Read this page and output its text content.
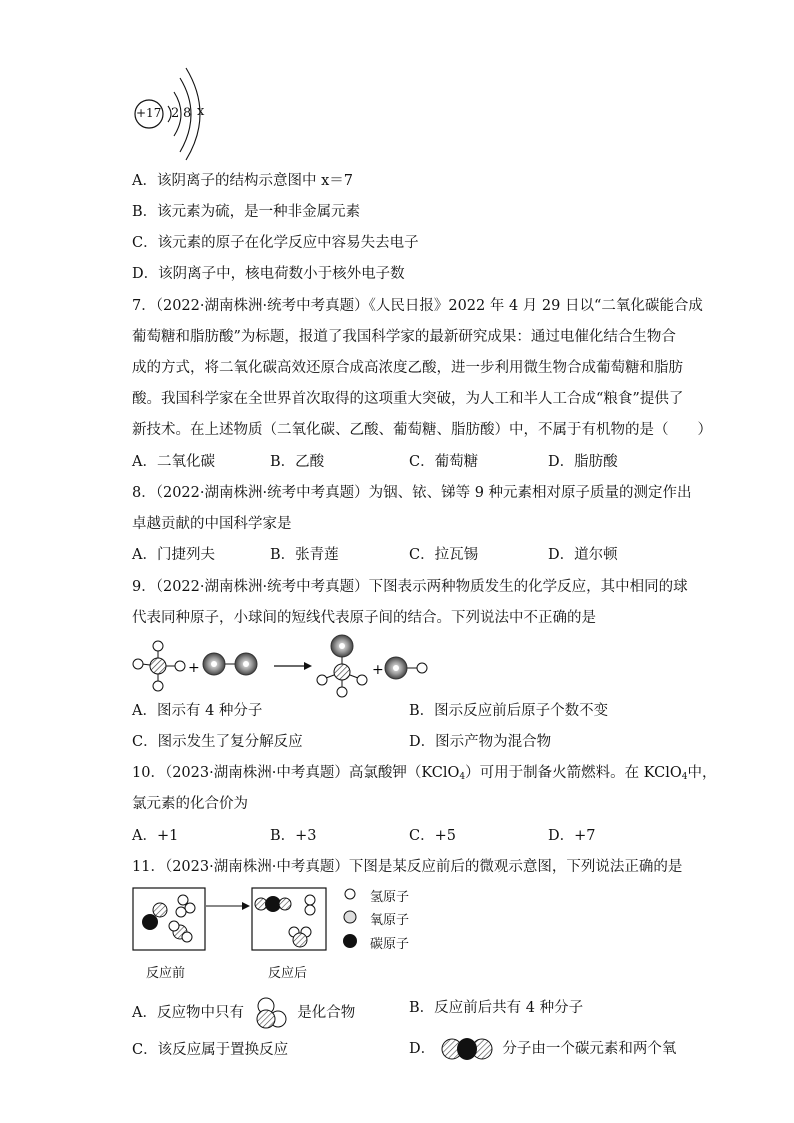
+17 2 8 x
A．该阴离子的结构示意图中 x＝7
B．该元素为硫，是一种非金属元素
C．该元素的原子在化学反应中容易失去电子
D．该阴离子中，核电荷数小于核外电子数
7．（2022·湖南株洲·统考中考真题）《人民日报》2022 年 4 月 29 日以“二氧化碳能合成
葡萄糖和脂肪酸”为标题，报道了我国科学家的最新研究成果：通过电催化结合生物合
成的方式，将二氧化碳高效还原合成高浓度乙酸，进一步利用微生物合成葡萄糖和脂肪
酸。我国科学家在全世界首次取得的这项重大突破，为人工和半人工合成“粮食”提供了
新技术。在上述物质（二氧化碳、乙酸、葡萄糖、脂肪酸）中，不属于有机物的是（　　）
A．二氧化碳	B．乙酸	C．葡萄糖	D．脂肪酸
8．（2022·湖南株洲·统考中考真题）为铟、铱、锑等 9 种元素相对原子质量的测定作出
卓越贡献的中国科学家是
A．门捷列夫	B．张青莲	C．拉瓦锡	D．道尔顿
9．（2022·湖南株洲·统考中考真题）下图表示两种物质发生的化学反应，其中相同的球
代表同种原子，小球间的短线代表原子间的结合。下列说法中不正确的是
+	+
A．图示有 4 种分子	B．图示反应前后原子个数不变
C．图示发生了复分解反应	D．图示产物为混合物
10．（2023·湖南株洲·中考真题）高氯酸钾（KClO$_4$）可用于制备火箭燃料。在 KClO$_4$中，
氯元素的化合价为
A．+1	B．+3	C．+5	D．+7
11．（2023·湖南株洲·中考真题）下图是某反应前后的微观示意图，下列说法正确的是
氢原子
氧原子
碳原子
反应前	反应后
A．反应物中只有	是化合物	B．反应前后共有 4 种分子
C．该反应属于置换反应	D．	分子由一个碳元素和两个氧
